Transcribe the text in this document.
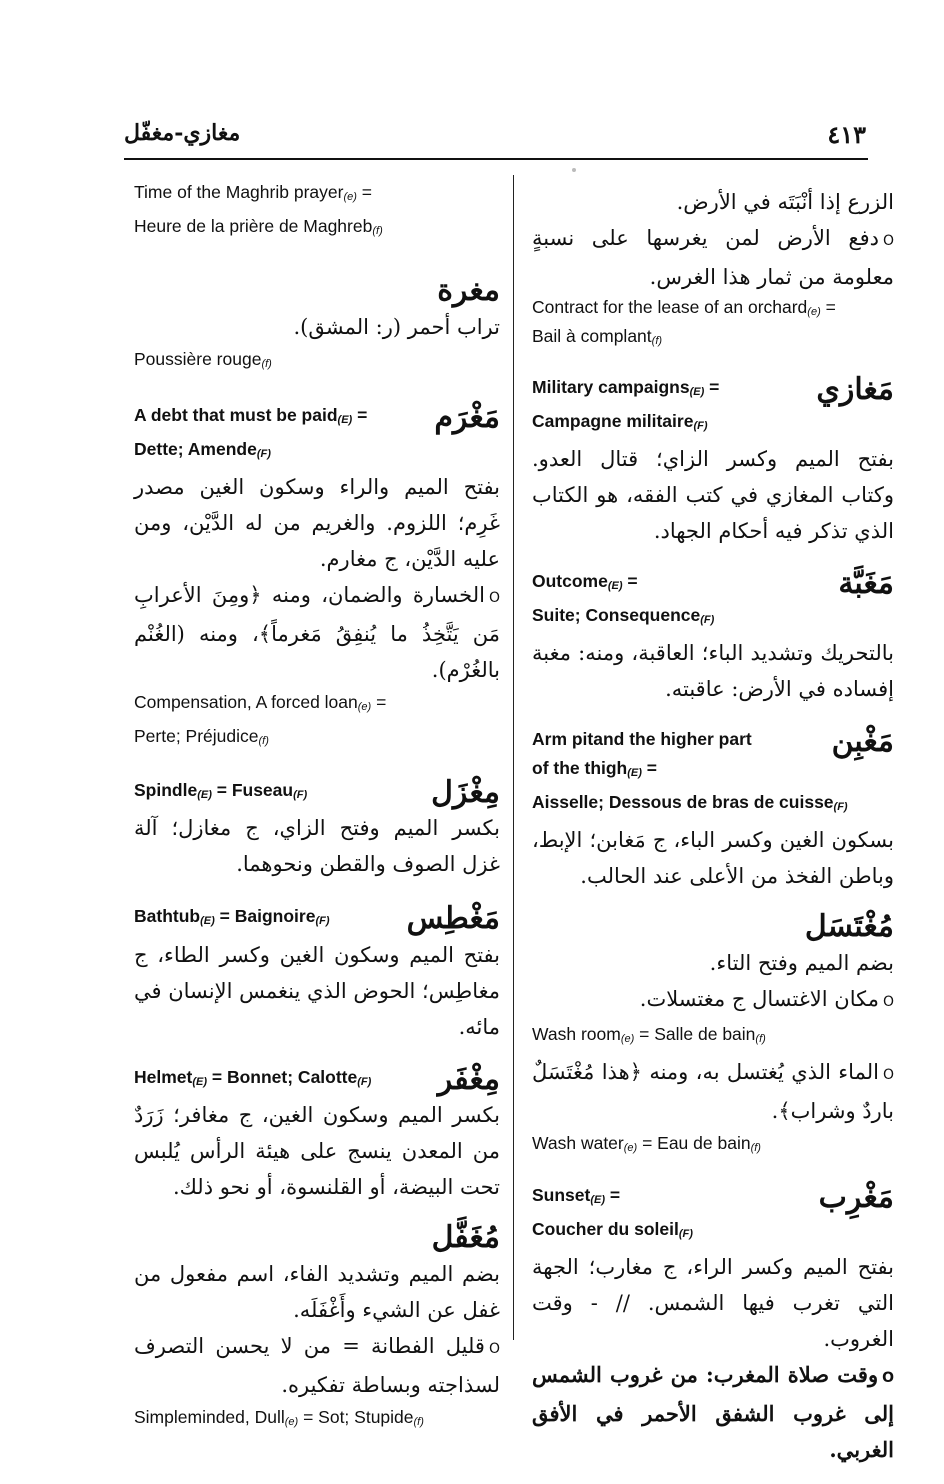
مغازي-مغفّل	٤١٣
Time of the Maghrib prayer$_{(e)}$ =
Heure de la prière de Maghreb$_{(f)}$
مغرة
تراب أحمر (ر: المشق).
Poussière rouge$_{(f)}$
مَغْرَم
A debt that must be paid$_{(E)}$ =
Dette; Amende$_{(F)}$
بفتح الميم والراء وسكون الغين مصدر غَرِم؛ اللزوم. والغريم من له الدَّيْن، ومن عليه الدَّيْن، ج مغارم.
Oالخسارة والضمان، ومنه ﴿ومِنَ الأعرابِ مَن يَتَّخِذُ ما يُنفِقُ مَغرماً﴾، ومنه (الغُنْم بالغُرْم).
Compensation, A forced loan$_{(e)}$ =
Perte; Préjudice$_{(f)}$
مِغْزَل
Spindle$_{(E)}$ = Fuseau$_{(F)}$
بكسر الميم وفتح الزاي، ج مغازل؛ آلة غزل الصوف والقطن ونحوهما.
مَغْطِس
Bathtub$_{(E)}$ = Baignoire$_{(F)}$
بفتح الميم وسكون الغين وكسر الطاء، ج مغاطِس؛ الحوض الذي ينغمس الإنسان في مائه.
مِغْفَر
Helmet$_{(E)}$ = Bonnet; Calotte$_{(F)}$
بكسر الميم وسكون الغين، ج مغافر؛ زَرَدٌ من المعدن ينسج على هيئة الرأس يُلبس تحت البيضة، أو القلنسوة، أو نحو ذلك.
مُغَفَّل
بضم الميم وتشديد الفاء، اسم مفعول من غفل عن الشيء وأَغْفَلَه.
Oقليل الفطانة = من لا يحسن التصرف لسذاجته وبساطة تفكيره.
Simpleminded, Dull$_{(e)}$ = Sot; Stupide$_{(f)}$
الزرع إذا أنْبَتَه في الأرض.
Oدفع الأرض لمن يغرسها على نسبةٍ معلومة من ثمار هذا الغرس.
Contract for the lease of an orchard$_{(e)}$ =
Bail à complant$_{(f)}$
مَغازي
Military campaigns$_{(E)}$ =
Campagne militaire$_{(F)}$
بفتح الميم وكسر الزاي؛ قتال العدو. وكتاب المغازي في كتب الفقه، هو الكتاب الذي تذكر فيه أحكام الجهاد.
مَغَبَّة
Outcome$_{(E)}$ =
Suite; Consequence$_{(F)}$
بالتحريك وتشديد الباء؛ العاقبة، ومنه: مغبة إفساده في الأرض: عاقبته.
مَغْبِن
Arm pitand the higher part
of the thigh$_{(E)}$ =
Aisselle; Dessous de bras de cuisse$_{(F)}$
بسكون الغين وكسر الباء، ج مَغابن؛ الإبط، وباطن الفخذ من الأعلى عند الحالب.
مُغْتَسَل
بضم الميم وفتح التاء.
Oمكان الاغتسال ج مغتسلات.
Wash room$_{(e)}$ = Salle de bain$_{(f)}$
Oالماء الذي يُغتسل به، ومنه ﴿هذا مُغْتَسَلٌ باردٌ وشراب﴾.
Wash water$_{(e)}$ = Eau de bain$_{(f)}$
مَغْرِب
Sunset$_{(E)}$ =
Coucher du soleil$_{(F)}$
بفتح الميم وكسر الراء، ج مغارب؛ الجهة التي تغرب فيها الشمس. // - وقت الغروب.
Oوقت صلاة المغرب: من غروب الشمس إلى غروب الشفق الأحمر في الأفق الغربي.
